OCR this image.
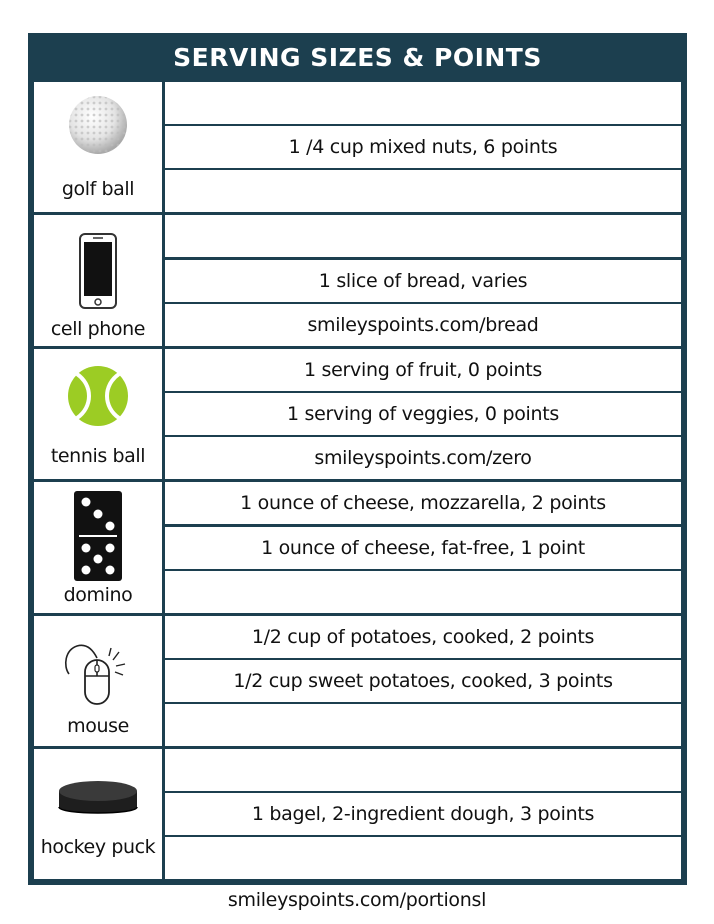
SERVING SIZES & POINTS
golf ball
1 /4 cup mixed nuts, 6 points
cell phone
1 slice of bread, varies
smileyspoints.com/bread
tennis ball
1 serving of fruit, 0 points
1 serving of veggies, 0 points
smileyspoints.com/zero
domino
1 ounce of cheese, mozzarella, 2 points
1 ounce of cheese, fat-free, 1 point
mouse
1/2 cup of potatoes, cooked, 2 points
1/2 cup sweet potatoes, cooked, 3 points
hockey puck
1 bagel, 2-ingredient dough, 3 points
smileyspoints.com/portionsl
